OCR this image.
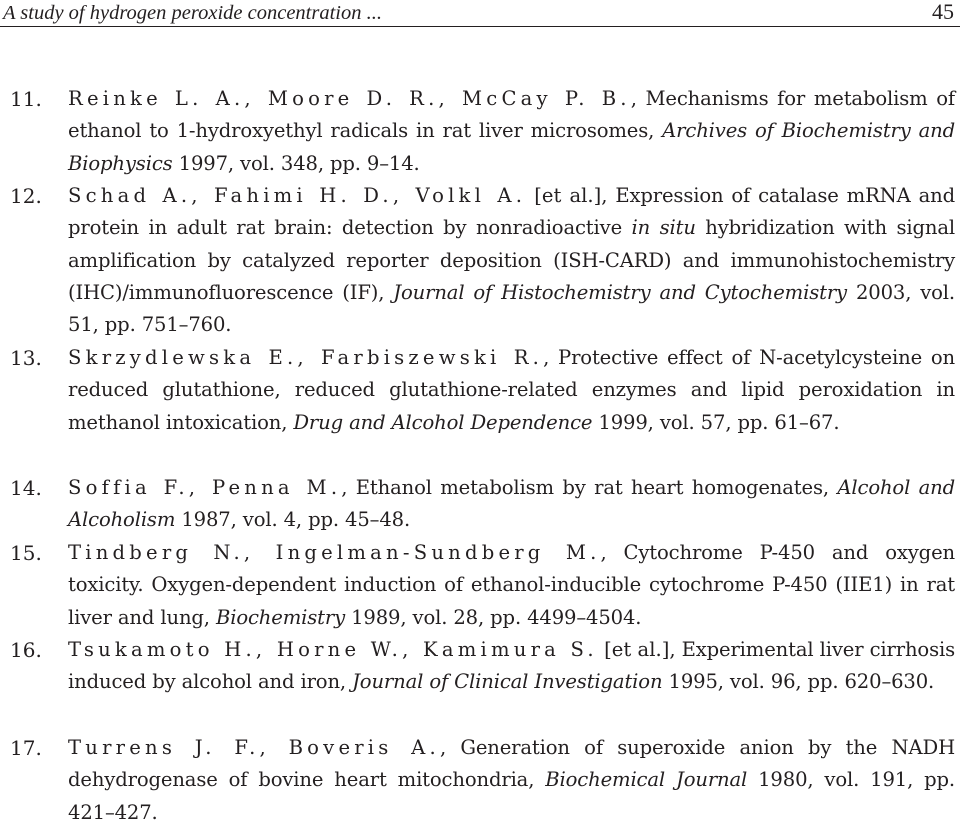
A study of hydrogen peroxide concentration ...	45
11. Reinke L. A., Moore D. R., McCay P. B., Mechanisms for metabolism of ethanol to 1-hydroxyethyl radicals in rat liver microsomes, Archives of Biochemistry and Biophysics 1997, vol. 348, pp. 9–14.
12. Schad A., Fahimi H. D., Volkl A. [et al.], Expression of catalase mRNA and protein in adult rat brain: detection by nonradioactive in situ hybridization with signal amplification by catalyzed reporter deposition (ISH-CARD) and immunohistochemistry (IHC)/immunofluorescence (IF), Journal of Histochemistry and Cytochemistry 2003, vol. 51, pp. 751–760.
13. Skrzydlewska E., Farbiszewski R., Protective effect of N-acetylcysteine on reduced glutathione, reduced glutathione-related enzymes and lipid peroxidation in methanol intoxication, Drug and Alcohol Dependence 1999, vol. 57, pp. 61–67.
14. Soffia F., Penna M., Ethanol metabolism by rat heart homogenates, Alcohol and Alcoholism 1987, vol. 4, pp. 45–48.
15. Tindberg N., Ingelman-Sundberg M., Cytochrome P-450 and oxygen toxicity. Oxygen-dependent induction of ethanol-inducible cytochrome P-450 (IIE1) in rat liver and lung, Biochemistry 1989, vol. 28, pp. 4499–4504.
16. Tsukamoto H., Horne W., Kamimura S. [et al.], Experimental liver cirrhosis induced by alcohol and iron, Journal of Clinical Investigation 1995, vol. 96, pp. 620–630.
17. Turrens J. F., Boveris A., Generation of superoxide anion by the NADH dehydrogenase of bovine heart mitochondria, Biochemical Journal 1980, vol. 191, pp. 421–427.
